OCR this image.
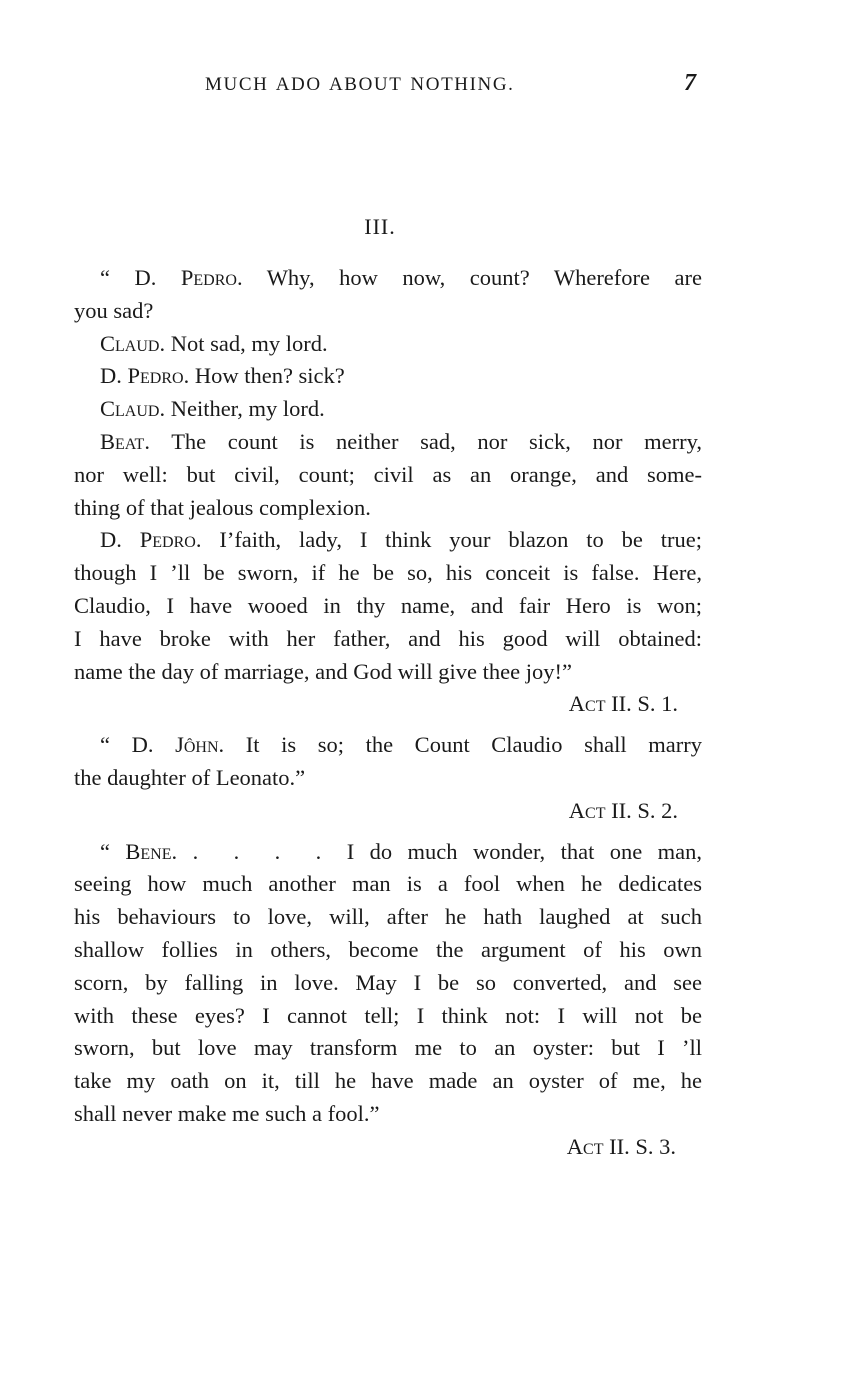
MUCH ADO ABOUT NOTHING.	7
III.
“ D. Pedro. Why, how now, count? Wherefore are
you sad?
Claud. Not sad, my lord.
D. Pedro. How then? sick?
Claud. Neither, my lord.
Beat. The count is neither sad, nor sick, nor merry,
nor well: but civil, count; civil as an orange, and some-
thing of that jealous complexion.
D. Pedro. I’faith, lady, I think your blazon to be true;
though I ’ll be sworn, if he be so, his conceit is false. Here,
Claudio, I have wooed in thy name, and fair Hero is won;
I have broke with her father, and his good will obtained:
name the day of marriage, and God will give thee joy!”
Act II. S. 1.
“ D. Jôhn. It is so; the Count Claudio shall marry
the daughter of Leonato.”
Act II. S. 2.
“ Bene. . . . . I do much wonder, that one man,
seeing how much another man is a fool when he dedicates
his behaviours to love, will, after he hath laughed at such
shallow follies in others, become the argument of his own
scorn, by falling in love. May I be so converted, and see
with these eyes? I cannot tell; I think not: I will not be
sworn, but love may transform me to an oyster: but I ’ll
take my oath on it, till he have made an oyster of me, he
shall never make me such a fool.”
Act II. S. 3.
